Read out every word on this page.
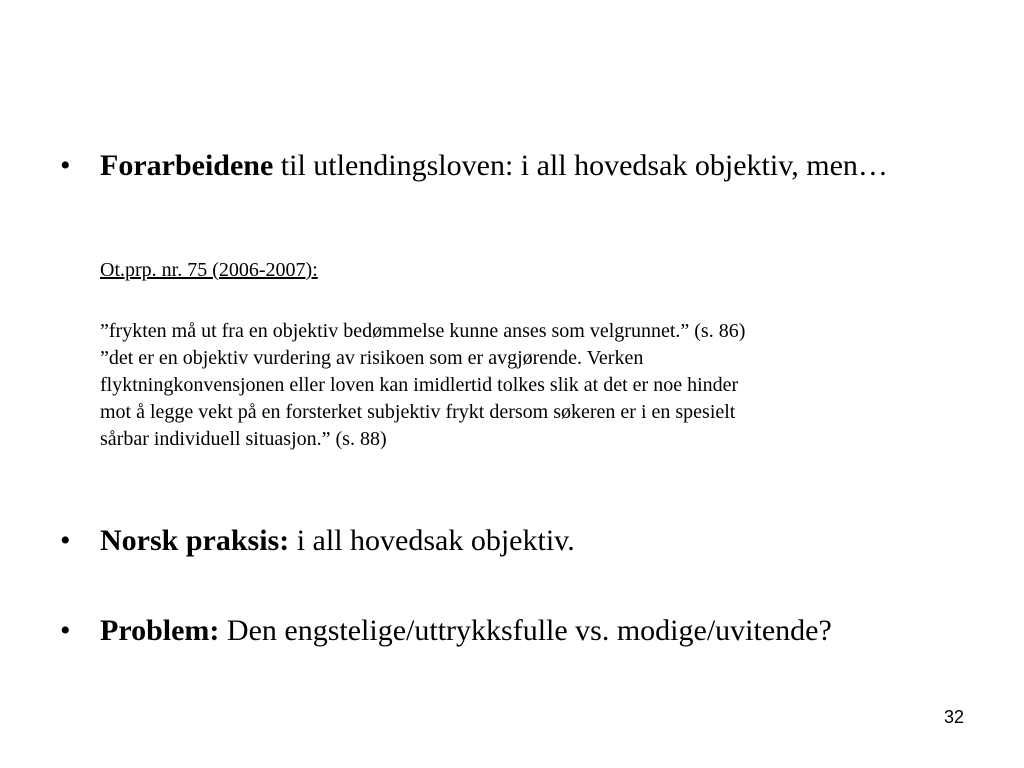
• Forarbeidene til utlendingsloven: i all hovedsak objektiv, men…
Ot.prp. nr. 75 (2006-2007):
”frykten må ut fra en objektiv bedømmelse kunne anses som velgrunnet.” (s. 86)
”det er en objektiv vurdering av risikoen som er avgjørende. Verken
flyktningkonvensjonen eller loven kan imidlertid tolkes slik at det er noe hinder
mot å legge vekt på en forsterket subjektiv frykt dersom søkeren er i en spesielt
sårbar individuell situasjon.” (s. 88)
• Norsk praksis: i all hovedsak objektiv.
• Problem: Den engstelige/uttrykksfulle vs. modige/uvitende?
32
